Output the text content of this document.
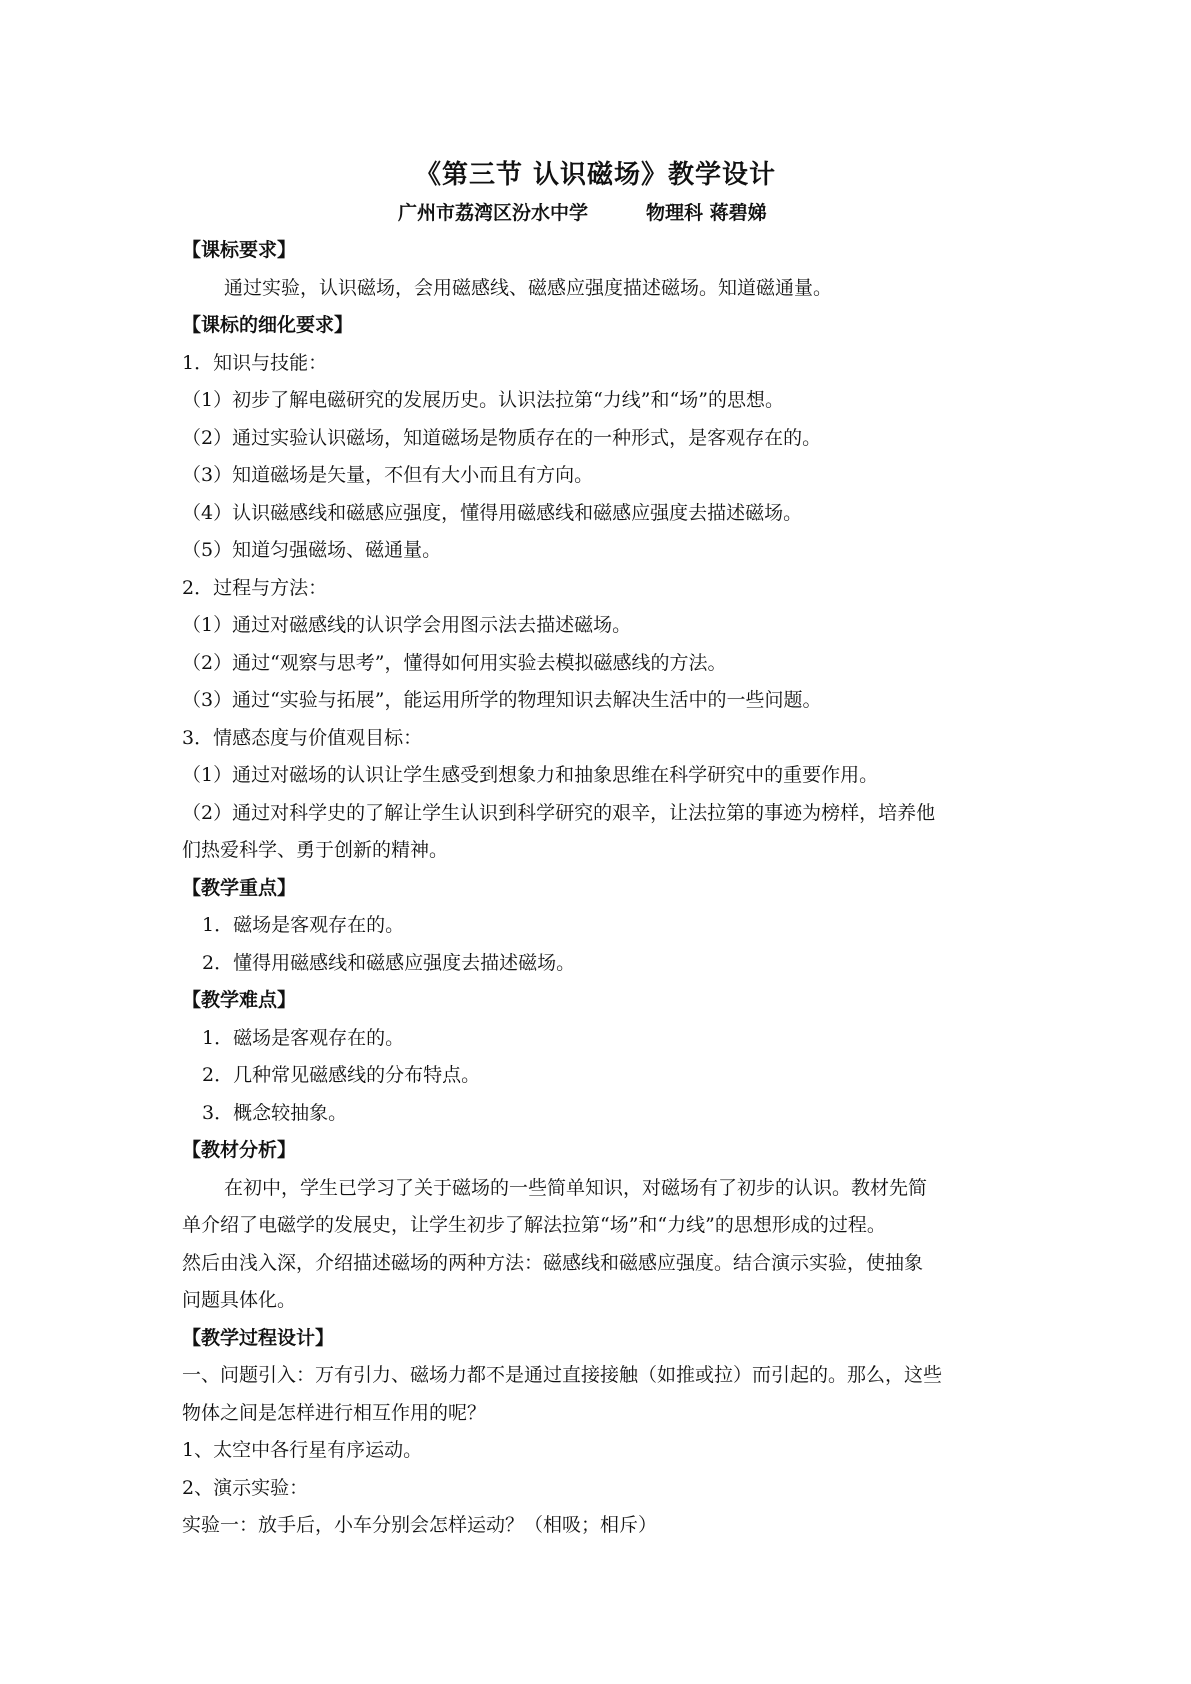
《第三节 认识磁场》教学设计
广州市荔湾区汾水中学	物理科 蒋碧娣
【课标要求】
通过实验，认识磁场，会用磁感线、磁感应强度描述磁场。知道磁通量。
【课标的细化要求】
1．知识与技能：
（1）初步了解电磁研究的发展历史。认识法拉第“力线”和“场”的思想。
（2）通过实验认识磁场，知道磁场是物质存在的一种形式，是客观存在的。
（3）知道磁场是矢量，不但有大小而且有方向。
（4）认识磁感线和磁感应强度，懂得用磁感线和磁感应强度去描述磁场。
（5）知道匀强磁场、磁通量。
2．过程与方法：
（1）通过对磁感线的认识学会用图示法去描述磁场。
（2）通过“观察与思考”，懂得如何用实验去模拟磁感线的方法。
（3）通过“实验与拓展”，能运用所学的物理知识去解决生活中的一些问题。
3．情感态度与价值观目标：
（1）通过对磁场的认识让学生感受到想象力和抽象思维在科学研究中的重要作用。
（2）通过对科学史的了解让学生认识到科学研究的艰辛，让法拉第的事迹为榜样，培养他
们热爱科学、勇于创新的精神。
【教学重点】
1．磁场是客观存在的。
2．懂得用磁感线和磁感应强度去描述磁场。
【教学难点】
1．磁场是客观存在的。
2．几种常见磁感线的分布特点。
3．概念较抽象。
【教材分析】
在初中，学生已学习了关于磁场的一些简单知识，对磁场有了初步的认识。教材先简
单介绍了电磁学的发展史，让学生初步了解法拉第“场”和“力线”的思想形成的过程。
然后由浅入深，介绍描述磁场的两种方法：磁感线和磁感应强度。结合演示实验，使抽象
问题具体化。
【教学过程设计】
一、问题引入：万有引力、磁场力都不是通过直接接触（如推或拉）而引起的。那么，这些
物体之间是怎样进行相互作用的呢？
1、太空中各行星有序运动。
2、演示实验：
实验一：放手后，小车分别会怎样运动？（相吸；相斥）
